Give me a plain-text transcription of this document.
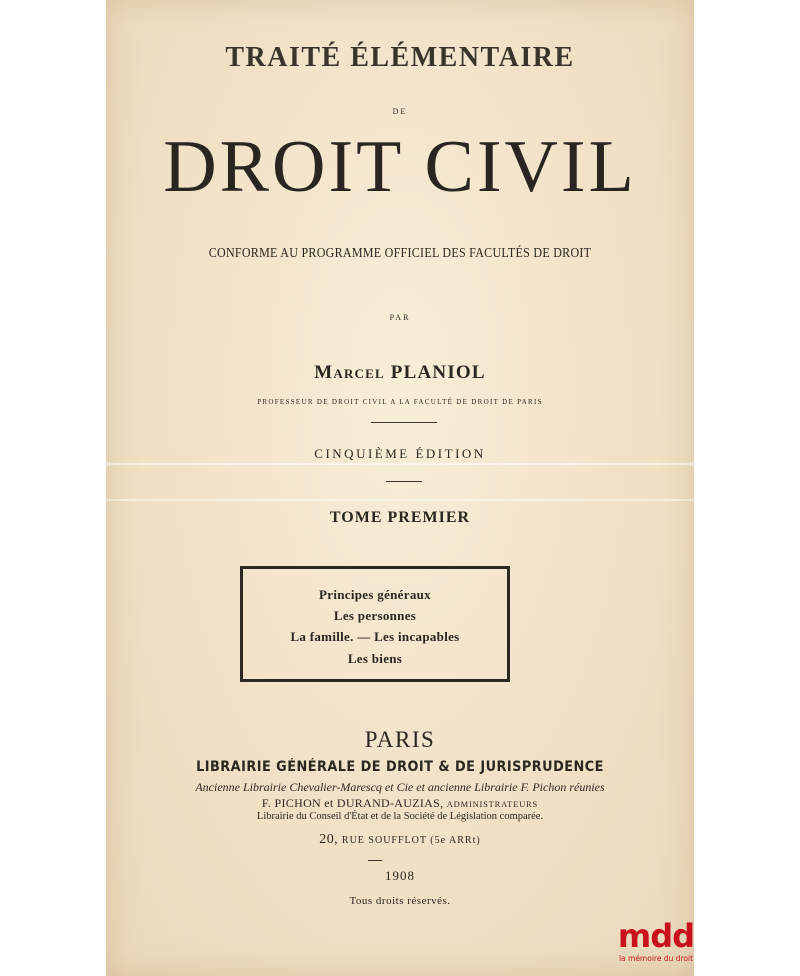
TRAITÉ ÉLÉMENTAIRE
DE
DROIT CIVIL
CONFORME AU PROGRAMME OFFICIEL DES FACULTÉS DE DROIT
PAR
Marcel PLANIOL
PROFESSEUR DE DROIT CIVIL A LA FACULTÉ DE DROIT DE PARIS
CINQUIÈME ÉDITION
TOME PREMIER
Principes généraux
Les personnes
La famille. — Les incapables
Les biens
PARIS
LIBRAIRIE GÉNÉRALE DE DROIT & DE JURISPRUDENCE
Ancienne Librairie Chevalier-Marescq et Cie et ancienne Librairie F. Pichon réunies
F. PICHON et DURAND-AUZIAS, ADMINISTRATEURS
Librairie du Conseil d'État et de la Société de Législation comparée.
20, RUE SOUFFLOT (5e ARRt)
1908
Tous droits réservés.
mdd
la mémoire du droit
